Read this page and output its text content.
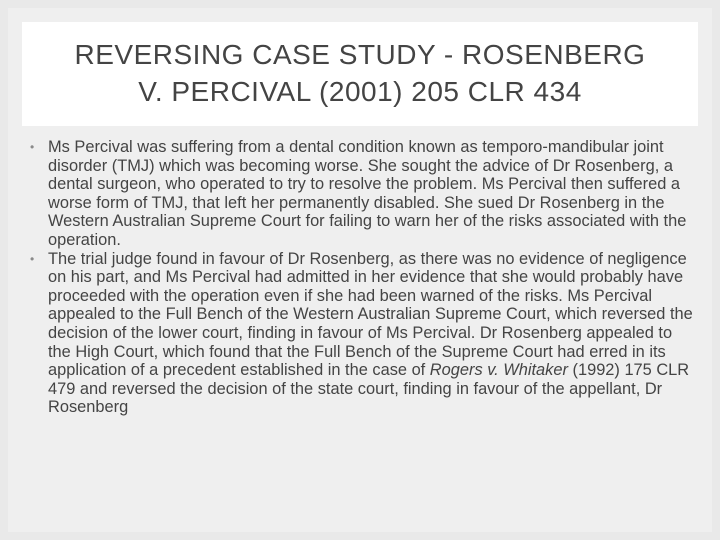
REVERSING CASE STUDY - ROSENBERG
V. PERCIVAL (2001) 205 CLR 434

• Ms Percival was suffering from a dental condition known as temporo-mandibular joint disorder (TMJ) which was becoming worse. She sought the advice of Dr Rosenberg, a dental surgeon, who operated to try to resolve the problem. Ms Percival then suffered a worse form of TMJ, that left her permanently disabled. She sued Dr Rosenberg in the Western Australian Supreme Court for failing to warn her of the risks associated with the operation.

• The trial judge found in favour of Dr Rosenberg, as there was no evidence of negligence on his part, and Ms Percival had admitted in her evidence that she would probably have proceeded with the operation even if she had been warned of the risks. Ms Percival appealed to the Full Bench of the Western Australian Supreme Court, which reversed the decision of the lower court, finding in favour of Ms Percival. Dr Rosenberg appealed to the High Court, which found that the Full Bench of the Supreme Court had erred in its application of a precedent established in the case of Rogers v. Whitaker (1992) 175 CLR 479 and reversed the decision of the state court, finding in favour of the appellant, Dr Rosenberg
